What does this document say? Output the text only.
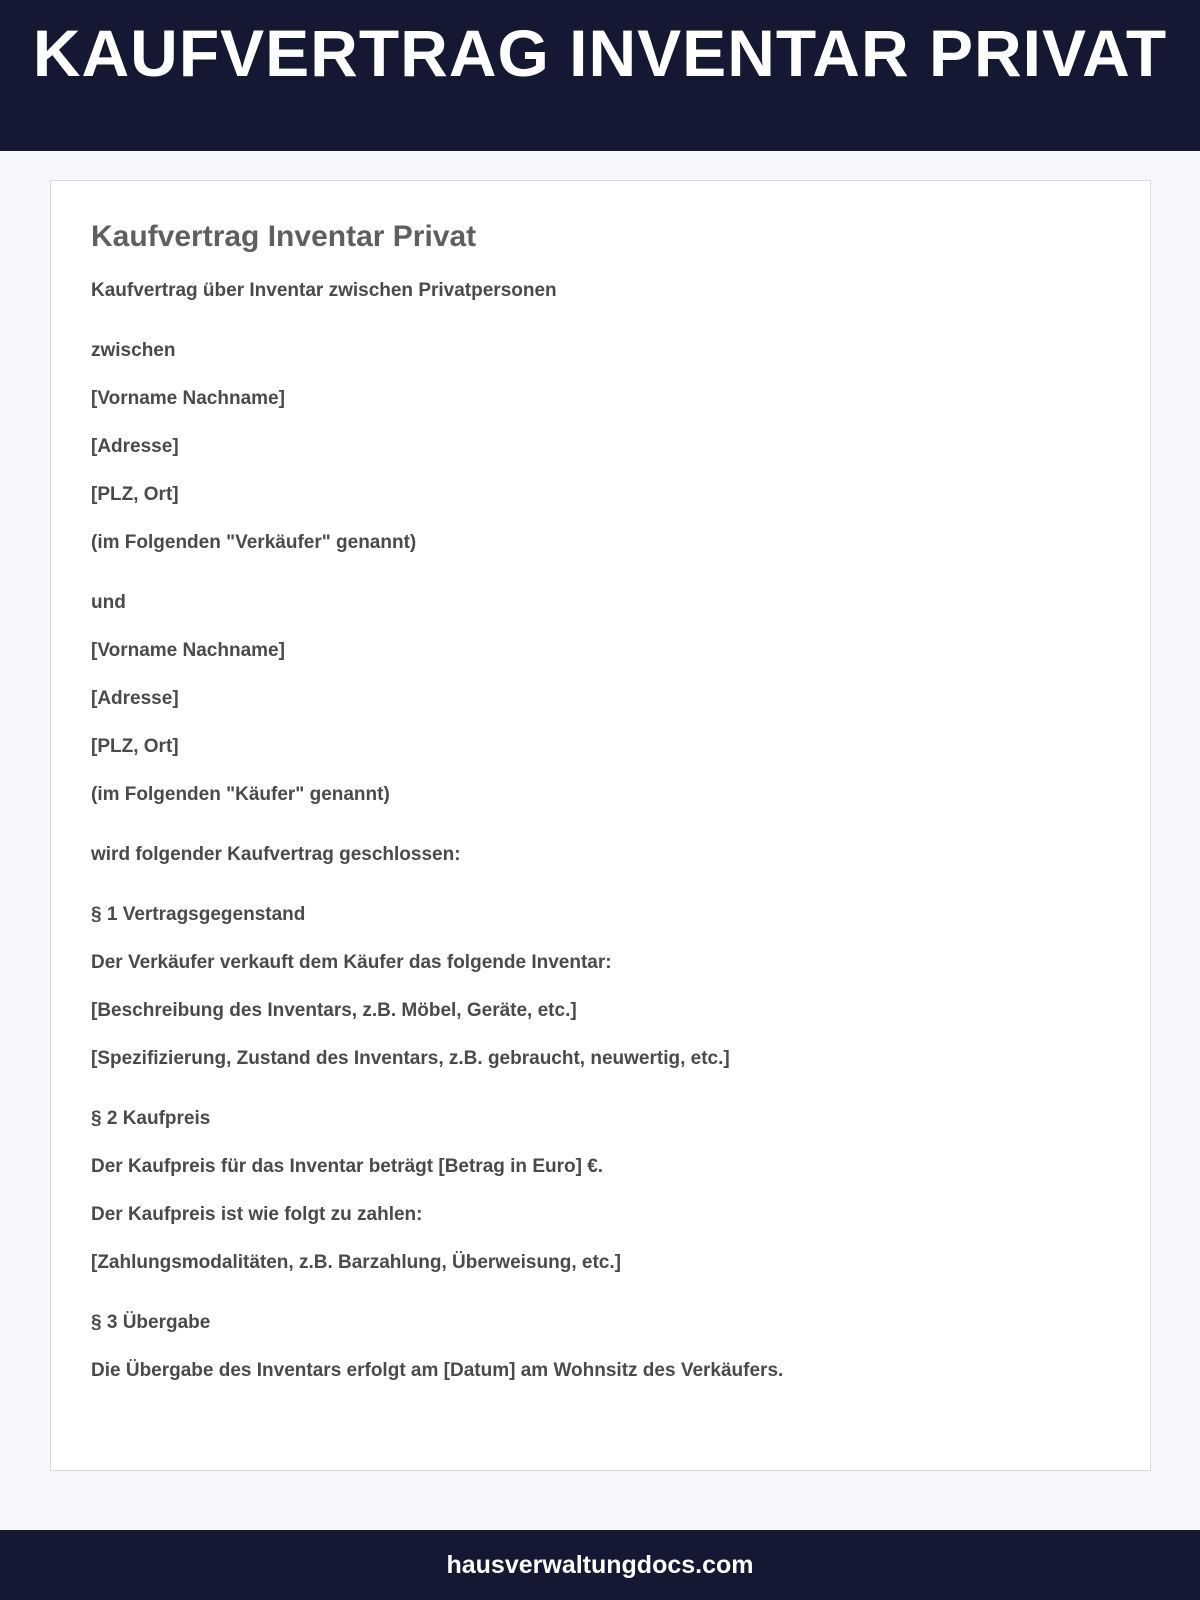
KAUFVERTRAG INVENTAR PRIVAT
Kaufvertrag Inventar Privat

Kaufvertrag über Inventar zwischen Privatpersonen

zwischen

[Vorname Nachname]

[Adresse]

[PLZ, Ort]

(im Folgenden "Verkäufer" genannt)

und

[Vorname Nachname]

[Adresse]

[PLZ, Ort]

(im Folgenden "Käufer" genannt)

wird folgender Kaufvertrag geschlossen:

§ 1 Vertragsgegenstand

Der Verkäufer verkauft dem Käufer das folgende Inventar:

[Beschreibung des Inventars, z.B. Möbel, Geräte, etc.]

[Spezifizierung, Zustand des Inventars, z.B. gebraucht, neuwertig, etc.]

§ 2 Kaufpreis

Der Kaufpreis für das Inventar beträgt [Betrag in Euro] €.

Der Kaufpreis ist wie folgt zu zahlen:

[Zahlungsmodalitäten, z.B. Barzahlung, Überweisung, etc.]

§ 3 Übergabe

Die Übergabe des Inventars erfolgt am [Datum] am Wohnsitz des Verkäufers.

hausverwaltungdocs.com
